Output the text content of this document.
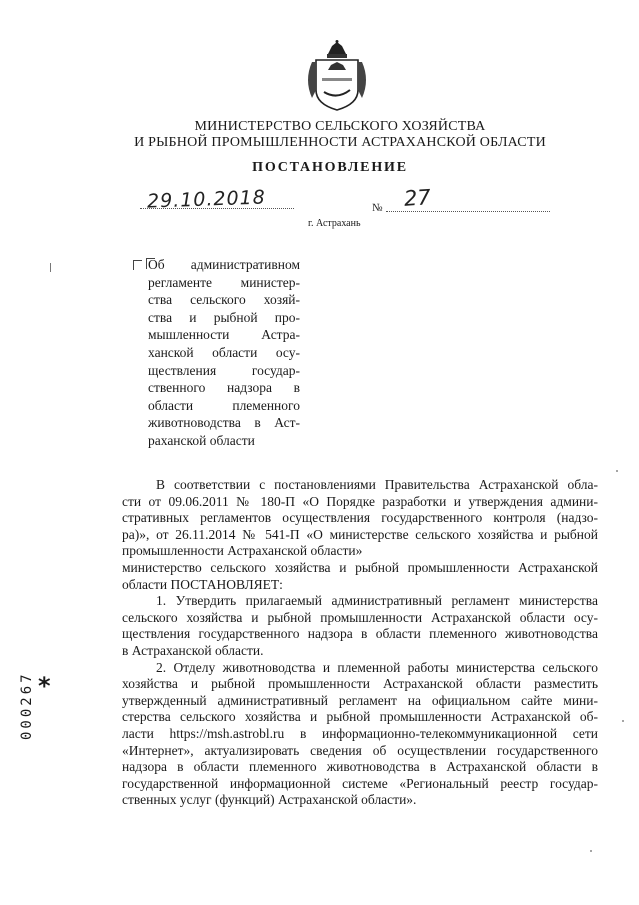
МИНИСТЕРСТВО СЕЛЬСКОГО ХОЗЯЙСТВА
И РЫБНОЙ ПРОМЫШЛЕННОСТИ АСТРАХАНСКОЙ ОБЛАСТИ
ПОСТАНОВЛЕНИЕ
29.10.2018	№ 27
г. Астрахань
Об административном
регламенте министер-
ства сельского хозяй-
ства и рыбной про-
мышленности Астра-
ханской области осу-
ществления государ-
ственного надзора в
области племенного
животноводства в Аст-
раханской области
В соответствии с постановлениями Правительства Астраханской обла-
сти от 09.06.2011 № 180-П «О Порядке разработки и утверждения админи-
стративных регламентов осуществления государственного контроля (надзо-
ра)», от 26.11.2014 № 541-П «О министерстве сельского хозяйства и рыбной
промышленности Астраханской области»
министерство сельского хозяйства и рыбной промышленности Астраханской
области ПОСТАНОВЛЯЕТ:
1. Утвердить прилагаемый административный регламент министерства
сельского хозяйства и рыбной промышленности Астраханской области осу-
ществления государственного надзора в области племенного животноводства
в Астраханской области.
2. Отделу животноводства и племенной работы министерства сельского
хозяйства и рыбной промышленности Астраханской области разместить
утвержденный административный регламент на официальном сайте мини-
стерства сельского хозяйства и рыбной промышленности Астраханской об-
ласти https://msh.astrobl.ru в информационно-телекоммуникационной сети
«Интернет», актуализировать сведения об осуществлении государственного
надзора в области племенного животноводства в Астраханской области в
государственной информационной системе «Региональный реестр государ-
ственных услуг (функций) Астраханской области».
*
000267
